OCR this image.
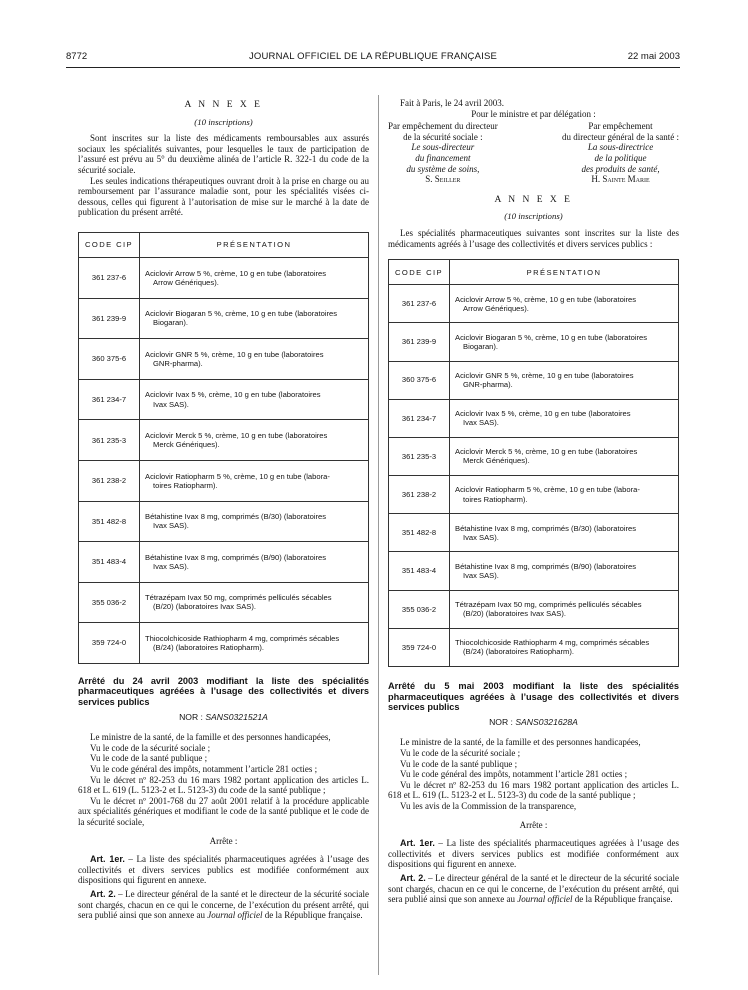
8772	JOURNAL OFFICIEL DE LA RÉPUBLIQUE FRANÇAISE	22 mai 2003
A N N E X E
(10 inscriptions)

Sont inscrites sur la liste des médicaments remboursables aux assurés sociaux les spécialités suivantes, pour lesquelles le taux de participation de l’assuré est prévu au 5° du deuxième alinéa de l’article R. 322-1 du code de la sécurité sociale.

Les seules indications thérapeutiques ouvrant droit à la prise en charge ou au remboursement par l’assurance maladie sont, pour les spécialités visées ci-dessous, celles qui figurent à l’autorisation de mise sur le marché à la date de publication du présent arrêté.

CODE CIP	PRÉSENTATION
361 237-6	Aciclovir Arrow 5 %, crème, 10 g en tube (laboratoires
Arrow Génériques).

361 239-9	Aciclovir Biogaran 5 %, crème, 10 g en tube (laboratoires
Biogaran).

360 375-6	Aciclovir GNR 5 %, crème, 10 g en tube (laboratoires
GNR-pharma).

361 234-7	Aciclovir Ivax 5 %, crème, 10 g en tube (laboratoires
Ivax SAS).

361 235-3	Aciclovir Merck 5 %, crème, 10 g en tube (laboratoires
Merck Génériques).

361 238-2	Aciclovir Ratiopharm 5 %, crème, 10 g en tube (labora-
toires Ratiopharm).

351 482-8	Bétahistine Ivax 8 mg, comprimés (B/30) (laboratoires
Ivax SAS).

351 483-4	Bétahistine Ivax 8 mg, comprimés (B/90) (laboratoires
Ivax SAS).

355 036-2	Tétrazépam Ivax 50 mg, comprimés pelliculés sécables
(B/20) (laboratoires Ivax SAS).

359 724-0	Thiocolchicoside Rathiopharm 4 mg, comprimés sécables
(B/24) (laboratoires Ratiopharm).

Arrêté du 24 avril 2003 modifiant la liste des spécialités pharmaceutiques agréées à l’usage des collectivités et divers services publics

NOR : SANS0321521A

Le ministre de la santé, de la famille et des personnes handicapées,

Vu le code de la sécurité sociale ;

Vu le code de la santé publique ;

Vu le code général des impôts, notamment l’article 281 octies ;

Vu le décret nº 82-253 du 16 mars 1982 portant application des articles L. 618 et L. 619 (L. 5123-2 et L. 5123-3) du code de la santé publique ;

Vu le décret nº 2001-768 du 27 août 2001 relatif à la procédure applicable aux spécialités génériques et modifiant le code de la santé publique et le code de la sécurité sociale,

Arrête :

Art. 1er. – La liste des spécialités pharmaceutiques agréées à l’usage des collectivités et divers services publics est modifiée conformément aux dispositions qui figurent en annexe.

Art. 2. – Le directeur général de la santé et le directeur de la sécurité sociale sont chargés, chacun en ce qui le concerne, de l’exécution du présent arrêté, qui sera publié ainsi que son annexe au Journal officiel de la République française.

Fait à Paris, le 24 avril 2003.

Pour le ministre et par délégation :

Par empêchement du directeur
de la sécurité sociale :
Le sous-directeur
du financement
du système de soins,
S. Seiller
Par empêchement
du directeur général de la santé :
La sous-directrice
de la politique
des produits de santé,
H. Sainte Marie
A N N E X E
(10 inscriptions)

Les spécialités pharmaceutiques suivantes sont inscrites sur la liste des médicaments agréés à l’usage des collectivités et divers services publics :

CODE CIP	PRÉSENTATION
361 237-6	Aciclovir Arrow 5 %, crème, 10 g en tube (laboratoires
Arrow Génériques).

361 239-9	Aciclovir Biogaran 5 %, crème, 10 g en tube (laboratoires
Biogaran).

360 375-6	Aciclovir GNR 5 %, crème, 10 g en tube (laboratoires
GNR-pharma).

361 234-7	Aciclovir Ivax 5 %, crème, 10 g en tube (laboratoires
Ivax SAS).

361 235-3	Aciclovir Merck 5 %, crème, 10 g en tube (laboratoires
Merck Génériques).

361 238-2	Aciclovir Ratiopharm 5 %, crème, 10 g en tube (labora-
toires Ratiopharm).

351 482-8	Bétahistine Ivax 8 mg, comprimés (B/30) (laboratoires
Ivax SAS).

351 483-4	Bétahistine Ivax 8 mg, comprimés (B/90) (laboratoires
Ivax SAS).

355 036-2	Tétrazépam Ivax 50 mg, comprimés pelliculés sécables
(B/20) (laboratoires Ivax SAS).

359 724-0	Thiocolchicoside Rathiopharm 4 mg, comprimés sécables
(B/24) (laboratoires Ratiopharm).

Arrêté du 5 mai 2003 modifiant la liste des spécialités pharmaceutiques agréées à l’usage des collectivités et divers services publics

NOR : SANS0321628A

Le ministre de la santé, de la famille et des personnes handicapées,

Vu le code de la sécurité sociale ;

Vu le code de la santé publique ;

Vu le code général des impôts, notamment l’article 281 octies ;

Vu le décret nº 82-253 du 16 mars 1982 portant application des articles L. 618 et L. 619 (L. 5123-2 et L. 5123-3) du code de la santé publique ;

Vu les avis de la Commission de la transparence,

Arrête :

Art. 1er. – La liste des spécialités pharmaceutiques agréées à l’usage des collectivités et divers services publics est modifiée conformément aux dispositions qui figurent en annexe.

Art. 2. – Le directeur général de la santé et le directeur de la sécurité sociale sont chargés, chacun en ce qui le concerne, de l’exécution du présent arrêté, qui sera publié ainsi que son annexe au Journal officiel de la République française.
